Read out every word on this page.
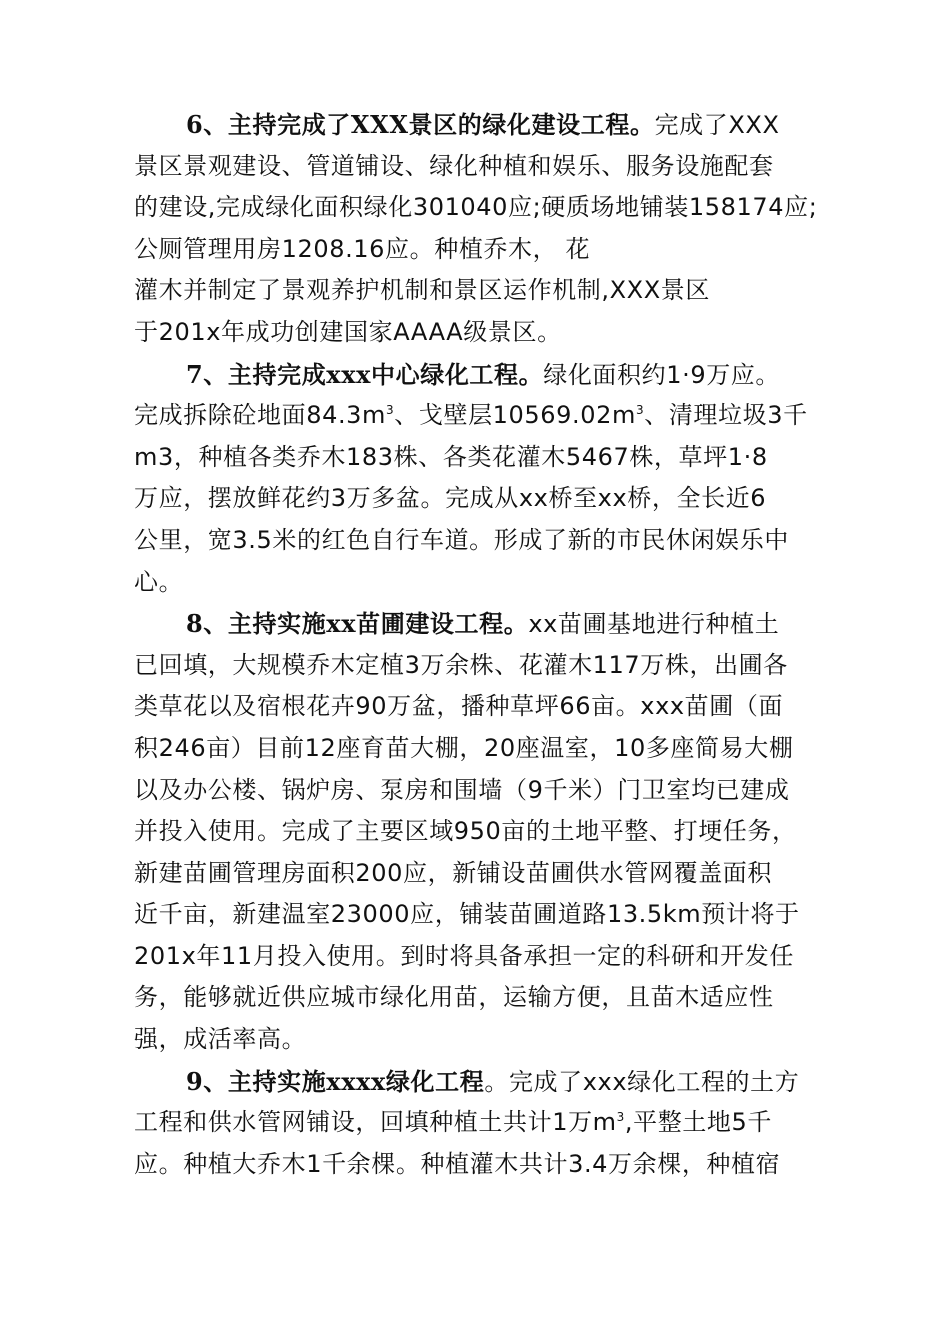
6、主持完成了XXX景区的绿化建设工程。完成了XXX
景区景观建设、管道铺设、绿化种植和娱乐、服务设施配套
的建设,完成绿化面积绿化301040应;硬质场地铺装158174应;
公厕管理用房1208.16应。种植乔木， 花
灌木并制定了景观养护机制和景区运作机制,XXX景区
于201x年成功创建国家AAAA级景区。
7、主持完成xxx中心绿化工程。绿化面积约1·9万应。
完成拆除砼地面$84.3m^3$、戈壁层$10569.02m^3$、清理垃圾3千
m3，种植各类乔木183株、各类花灌木5467株，草坪1·8
万应，摆放鲜花约3万多盆。完成从xx桥至xx桥，全长近6
公里，宽3.5米的红色自行车道。形成了新的市民休闲娱乐中
心。
8、主持实施xx苗圃建设工程。xx苗圃基地进行种植土
已回填，大规模乔木定植3万余株、花灌木117万株，出圃各
类草花以及宿根花卉90万盆，播种草坪66亩。xxx苗圃（面
积246亩）目前12座育苗大棚，20座温室，10多座简易大棚
以及办公楼、锅炉房、泵房和围墙（9千米）门卫室均已建成
并投入使用。完成了主要区域950亩的土地平整、打埂任务，
新建苗圃管理房面积200应，新铺设苗圃供水管网覆盖面积
近千亩，新建温室23000应，铺装苗圃道路13.5km预计将于
201x年11月投入使用。到时将具备承担一定的科研和开发任
务，能够就近供应城市绿化用苗，运输方便，且苗木适应性
强，成活率高。
9、主持实施xxxx绿化工程。完成了xxx绿化工程的土方
工程和供水管网铺设，回填种植土共计1万$m^3$,平整土地5千
应。种植大乔木1千余棵。种植灌木共计3.4万余棵，种植宿
